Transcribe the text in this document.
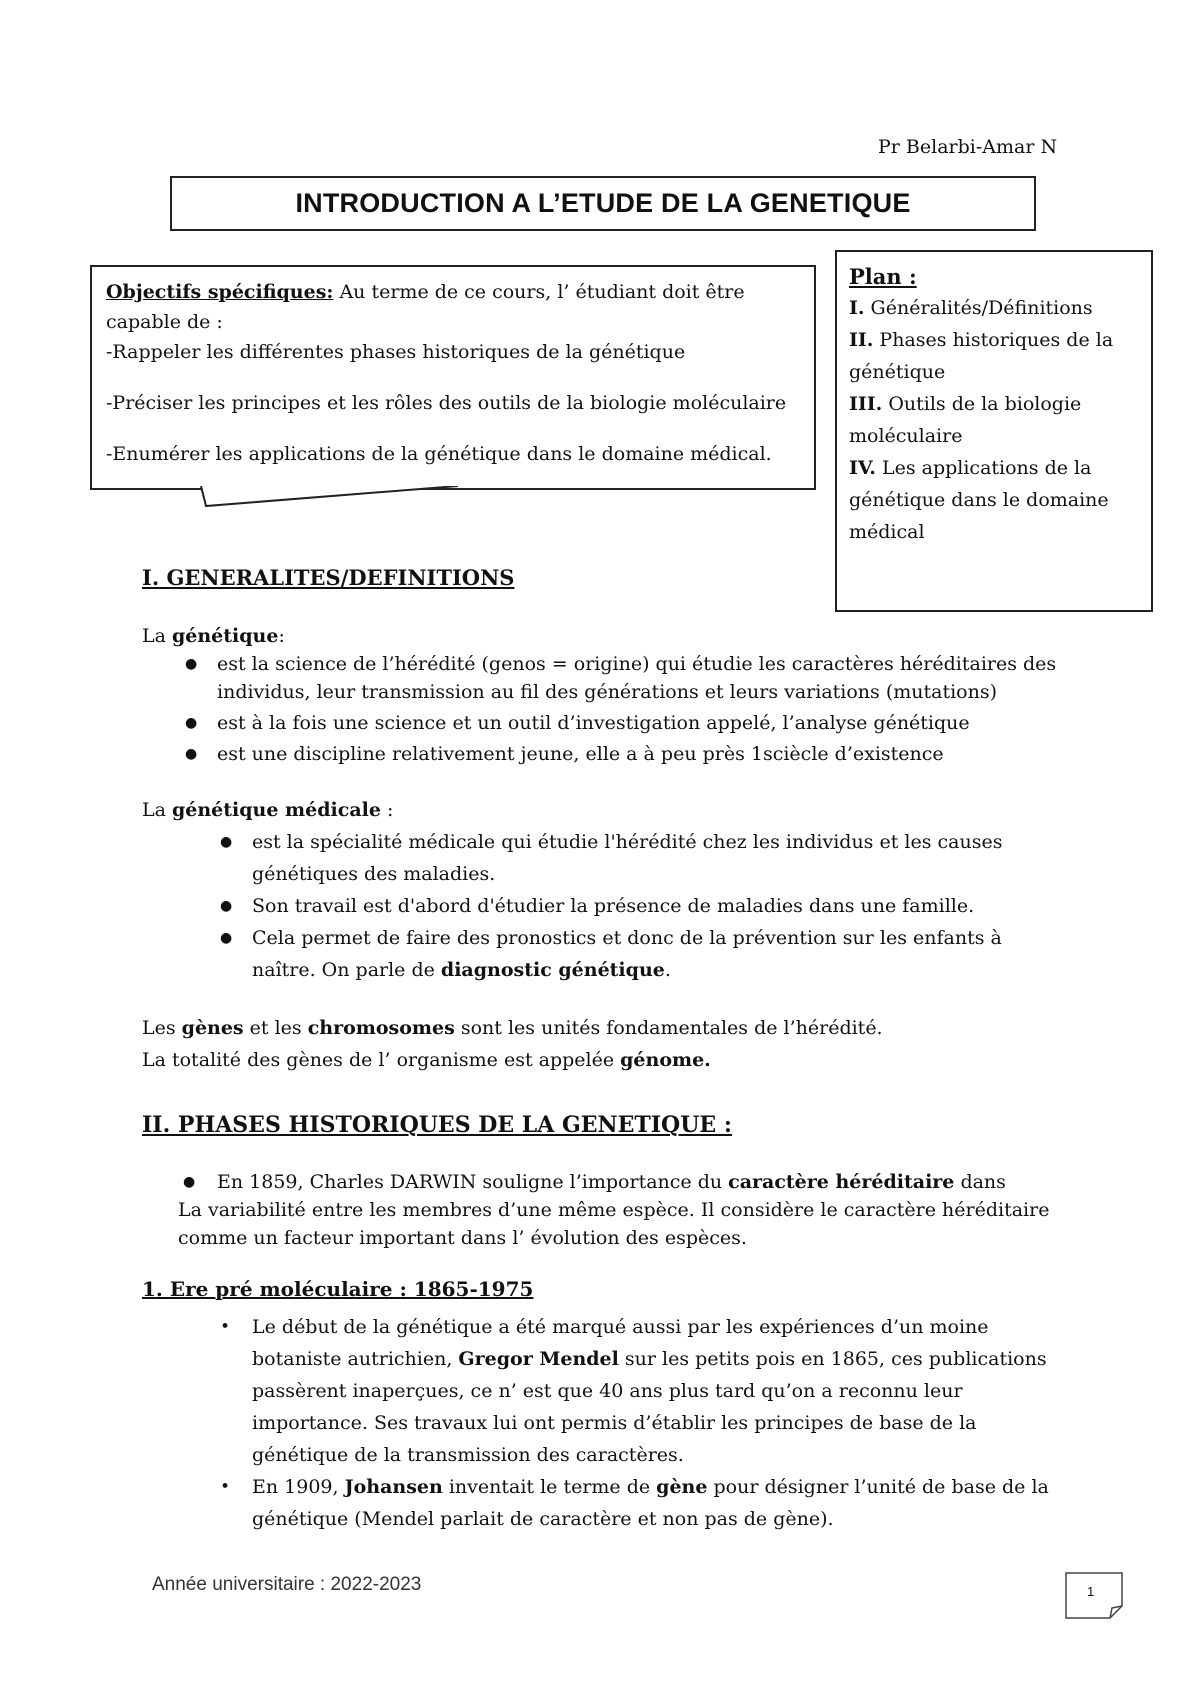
Pr Belarbi-Amar N
INTRODUCTION A L’ETUDE DE LA GENETIQUE

Objectifs spécifiques: Au terme de ce cours, l’ étudiant doit être

capable de :

-Rappeler les différentes phases historiques de la génétique

-Préciser les principes et les rôles des outils de la biologie moléculaire

-Enumérer les applications de la génétique dans le domaine médical.

Plan :
I. Généralités/Définitions
II. Phases historiques de la génétique
III. Outils de la biologie moléculaire
IV. Les applications de la génétique dans le domaine médical
I. GENERALITES/DEFINITIONS
La génétique:
● est la science de l’hérédité (genos = origine) qui étudie les caractères héréditaires des individus, leur transmission au fil des générations et leurs variations (mutations)
● est à la fois une science et un outil d’investigation appelé, l’analyse génétique
● est une discipline relativement jeune, elle a à peu près 1sciècle d’existence
La génétique médicale :
● est la spécialité médicale qui étudie l'hérédité chez les individus et les causes génétiques des maladies.
● Son travail est d'abord d'étudier la présence de maladies dans une famille.
● Cela permet de faire des pronostics et donc de la prévention sur les enfants à naître. On parle de diagnostic génétique.
Les gènes et les chromosomes sont les unités fondamentales de l’hérédité.
La totalité des gènes de l’ organisme est appelée génome.
II. PHASES HISTORIQUES DE LA GENETIQUE :
● En 1859, Charles DARWIN souligne l’importance du caractère héréditaire dans
La variabilité entre les membres d’une même espèce. Il considère le caractère héréditaire comme un facteur important dans l’ évolution des espèces.
1. Ere pré moléculaire : 1865-1975
• Le début de la génétique a été marqué aussi par les expériences d’un moine botaniste autrichien, Gregor Mendel sur les petits pois en 1865, ces publications passèrent inaperçues, ce n’ est que 40 ans plus tard qu’on a reconnu leur importance. Ses travaux lui ont permis d’établir les principes de base de la génétique de la transmission des caractères.
• En 1909, Johansen inventait le terme de gène pour désigner l’unité de base de la génétique (Mendel parlait de caractère et non pas de gène).
Année universitaire : 2022-2023	1
